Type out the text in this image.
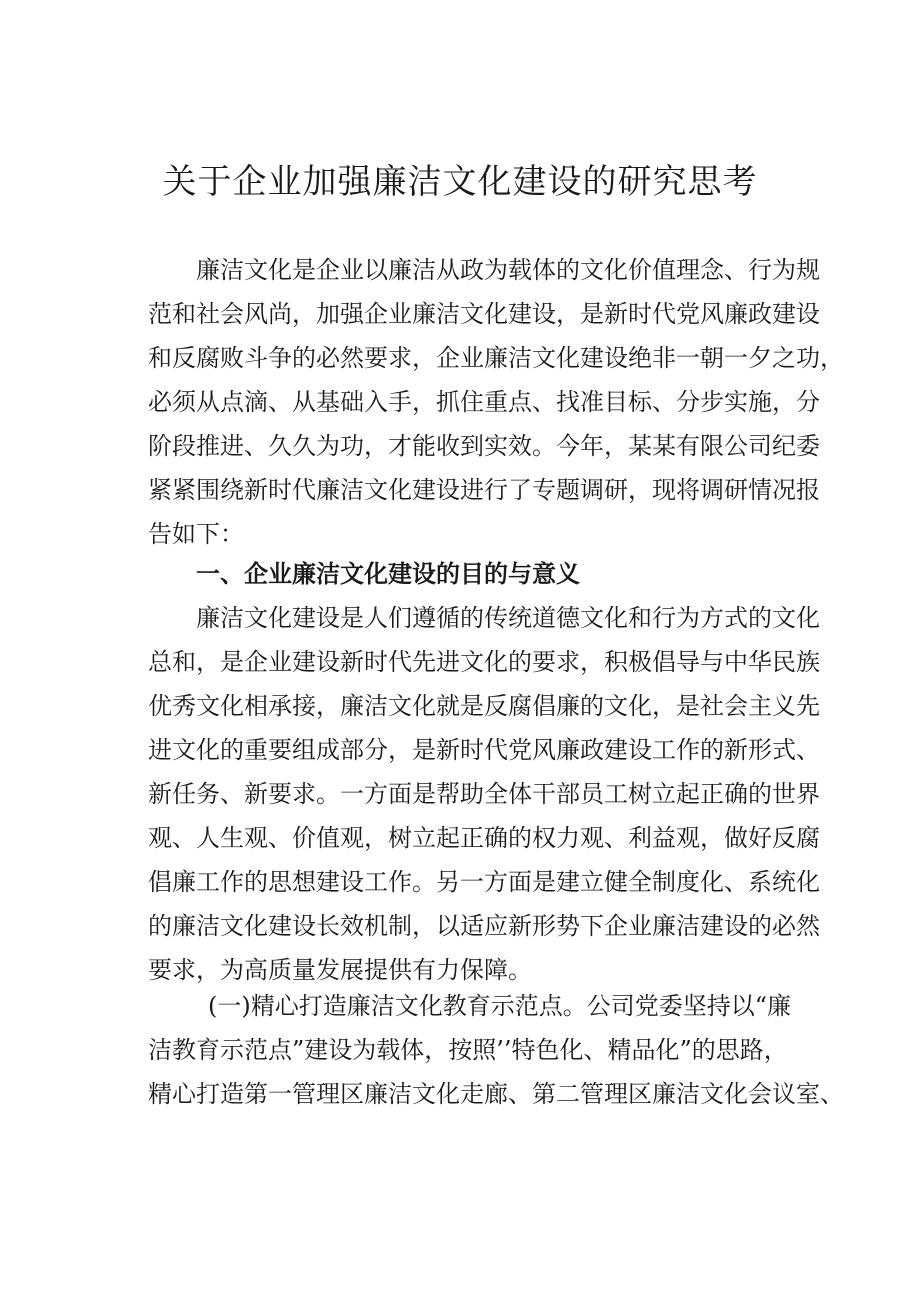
关于企业加强廉洁文化建设的研究思考
廉洁文化是企业以廉洁从政为载体的文化价值理念、行为规
范和社会风尚，加强企业廉洁文化建设，是新时代党风廉政建设
和反腐败斗争的必然要求，企业廉洁文化建设绝非一朝一夕之功，
必须从点滴、从基础入手，抓住重点、找准目标、分步实施，分
阶段推进、久久为功，才能收到实效。今年，某某有限公司纪委
紧紧围绕新时代廉洁文化建设进行了专题调研，现将调研情况报
告如下：
一、企业廉洁文化建设的目的与意义
廉洁文化建设是人们遵循的传统道德文化和行为方式的文化
总和，是企业建设新时代先进文化的要求，积极倡导与中华民族
优秀文化相承接，廉洁文化就是反腐倡廉的文化，是社会主义先
进文化的重要组成部分，是新时代党风廉政建设工作的新形式、
新任务、新要求。一方面是帮助全体干部员工树立起正确的世界
观、人生观、价值观，树立起正确的权力观、利益观，做好反腐
倡廉工作的思想建设工作。另一方面是建立健全制度化、系统化
的廉洁文化建设长效机制，以适应新形势下企业廉洁建设的必然
要求，为高质量发展提供有力保障。
(一)精心打造廉洁文化教育示范点。公司党委坚持以“廉
洁教育示范点”建设为载体，按照’’特色化、精品化”的思路，
精心打造第一管理区廉洁文化走廊、第二管理区廉洁文化会议室、
